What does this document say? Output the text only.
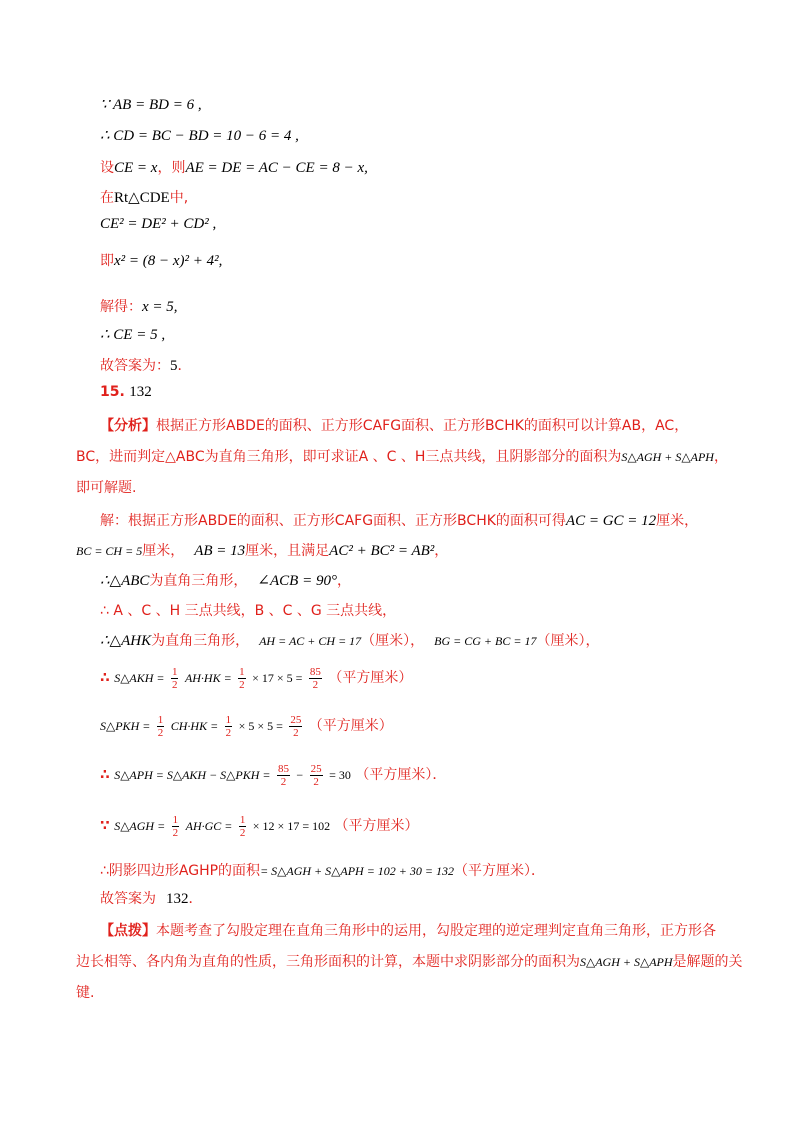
∵ AB = BD = 6 ,
∴ CD = BC − BD = 10 − 6 = 4 ,
设CE = x，则AE = DE = AC − CE = 8 − x,
在Rt△CDE中,
CE² = DE² + CD² ,
即x² = (8 − x)² + 4²,
解得：x = 5,
∴ CE = 5 ,
故答案为：5．
15. 132
【分析】根据正方形ABDE的面积、正方形CAFG面积、正方形BCHK的面积可以计算AB，AC，
BC，进而判定△ABC为直角三角形，即可求证A 、C 、H三点共线，且阴影部分的面积为S△AGH + S△APH，
即可解题.
解：根据正方形ABDE的面积、正方形CAFG面积、正方形BCHK的面积可得AC = GC = 12厘米，
BC = CH = 5厘米， AB = 13厘米，且满足AC² + BC² = AB²，
∴△ABC为直角三角形， ∠ACB = 90°，
∴ A 、C 、H 三点共线，B 、C 、G 三点共线，
∴△AHK为直角三角形， AH = AC + CH = 17（厘米）， BG = CG + BC = 17（厘米），
∴ S△AKH = $\frac{1}{2} AH\cdot HK = \frac{1}{2} \times 17 \times 5 = \frac{85}{2}$ （平方厘米）
S△PKH = $\frac{1}{2} CH\cdot HK = \frac{1}{2} \times 5 \times 5 = \frac{25}{2}$ （平方厘米）
∴ S△APH = S△AKH − S△PKH = $\frac{85}{2} - \frac{25}{2} = 30$ （平方厘米）．
∵ S△AGH = $\frac{1}{2} AH\cdot GC = \frac{1}{2} \times 12 \times 17 = 102$ （平方厘米）
∴阴影四边形AGHP的面积= S△AGH + S△APH = 102 + 30 = 132（平方厘米）．
故答案为 132．
【点拨】本题考查了勾股定理在直角三角形中的运用，勾股定理的逆定理判定直角三角形，正方形各
边长相等、各内角为直角的性质，三角形面积的计算，本题中求阴影部分的面积为S△AGH + S△APH是解题的关
键.
